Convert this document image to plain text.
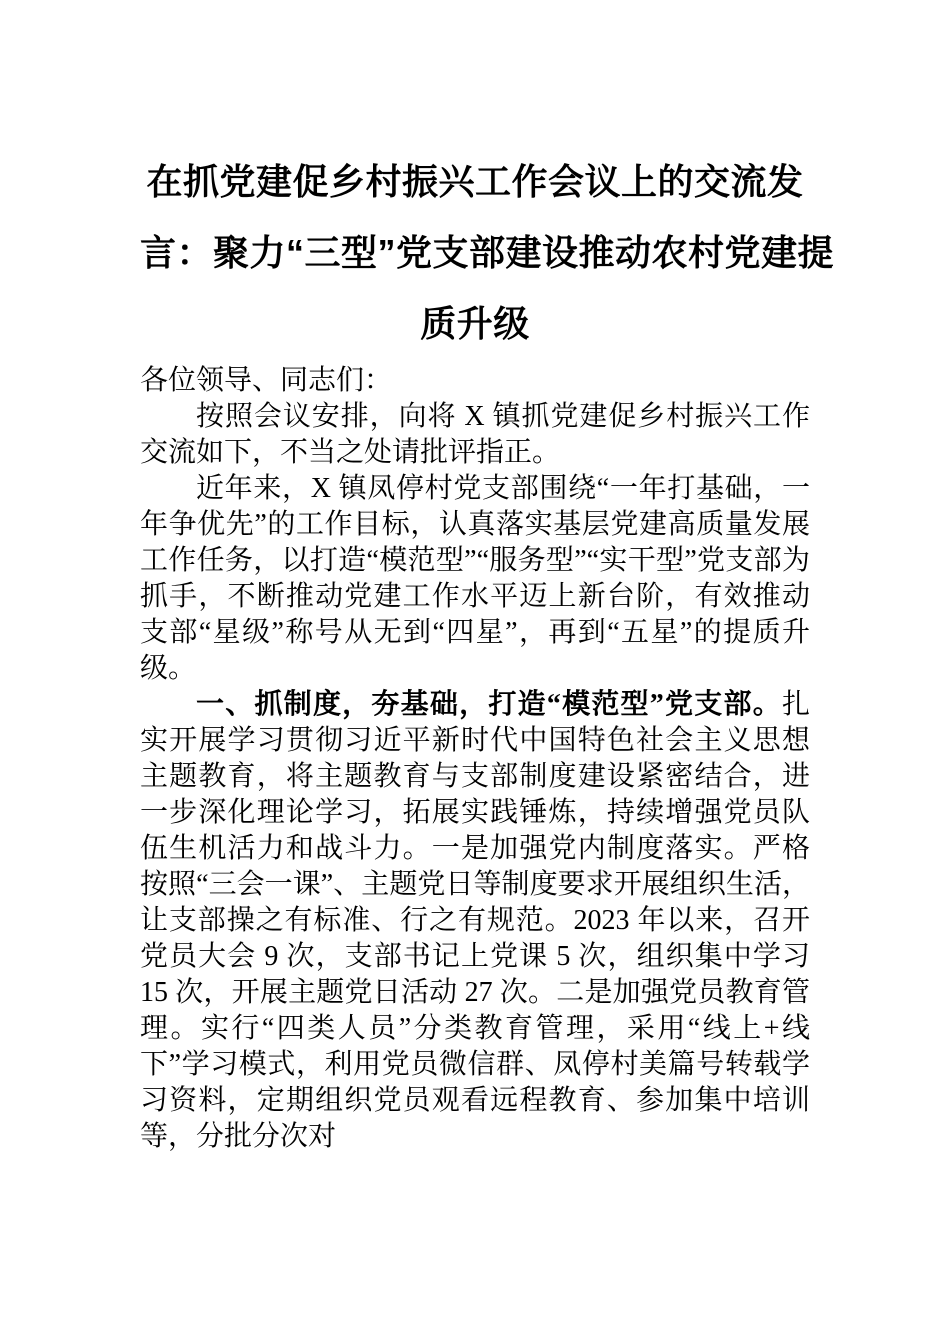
在抓党建促乡村振兴工作会议上的交流发
言：聚力“三型”党支部建设推动农村党建提
质升级

各位领导、同志们：

按照会议安排，向将 X 镇抓党建促乡村振兴工作交流如下，不当之处请批评指正。

近年来，X 镇凤停村党支部围绕“一年打基础，一年争优先”的工作目标，认真落实基层党建高质量发展工作任务，以打造“模范型”“服务型”“实干型”党支部为抓手，不断推动党建工作水平迈上新台阶，有效推动支部“星级”称号从无到“四星”，再到“五星”的提质升级。

一、抓制度，夯基础，打造“模范型”党支部。扎实开展学习贯彻习近平新时代中国特色社会主义思想主题教育，将主题教育与支部制度建设紧密结合，进一步深化理论学习，拓展实践锤炼，持续增强党员队伍生机活力和战斗力。一是加强党内制度落实。严格按照“三会一课”、主题党日等制度要求开展组织生活，让支部操之有标准、行之有规范。2023 年以来，召开党员大会 9 次，支部书记上党课 5 次，组织集中学习 15 次，开展主题党日活动 27 次。二是加强党员教育管理。实行“四类人员”分类教育管理，采用“线上+线下”学习模式，利用党员微信群、凤停村美篇号转载学习资料，定期组织党员观看远程教育、参加集中培训等，分批分次对
